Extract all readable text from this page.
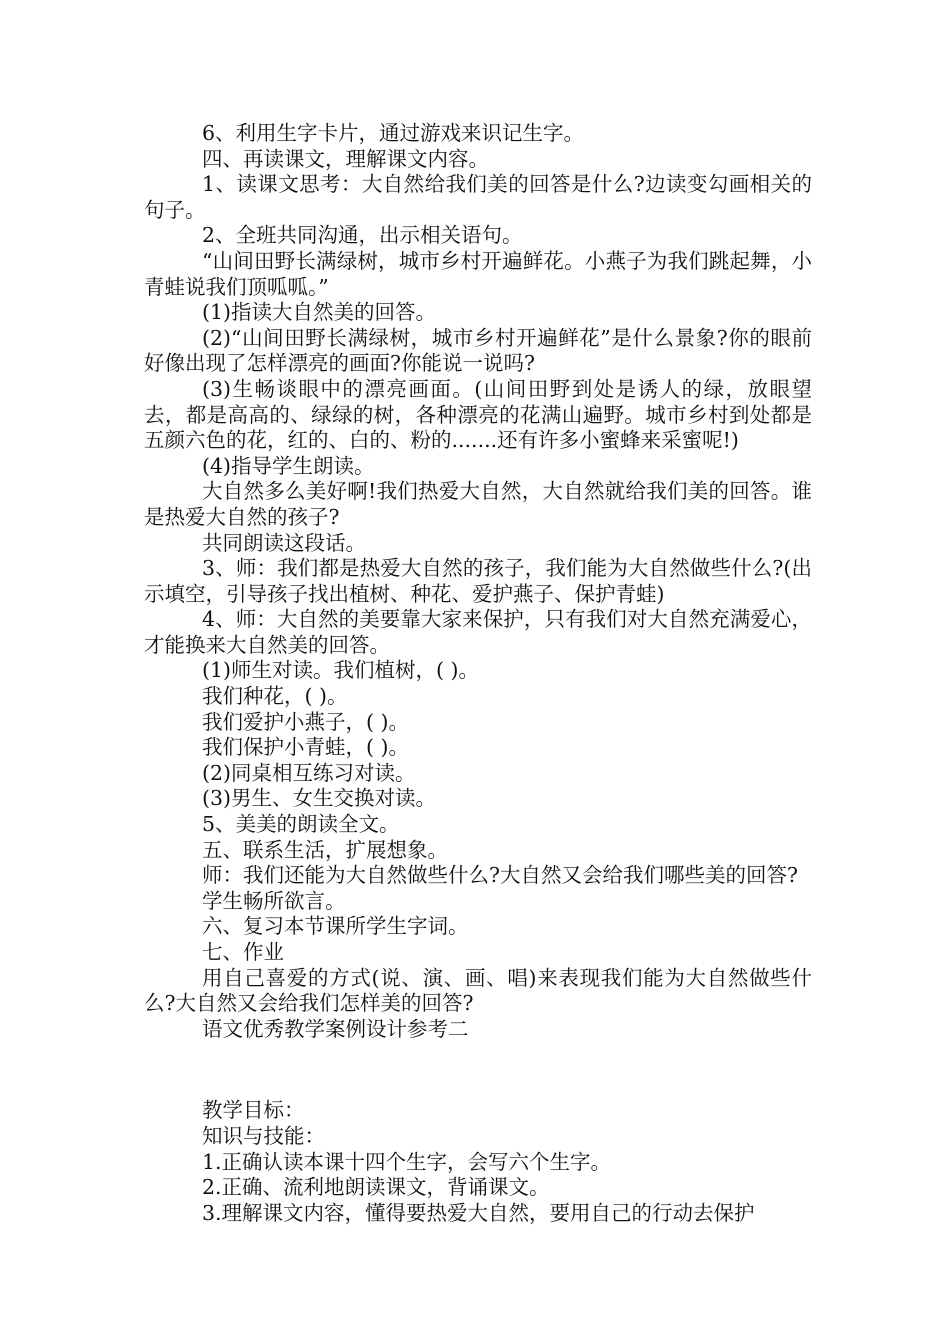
6、利用生字卡片，通过游戏来识记生字。

四、再读课文，理解课文内容。

1、读课文思考：大自然给我们美的回答是什么?边读变勾画相关的句子。

2、全班共同沟通，出示相关语句。

“山间田野长满绿树，城市乡村开遍鲜花。小燕子为我们跳起舞，小青蛙说我们顶呱呱。”

(1)指读大自然美的回答。

(2)“山间田野长满绿树，城市乡村开遍鲜花”是什么景象?你的眼前好像出现了怎样漂亮的画面?你能说一说吗?

(3)生畅谈眼中的漂亮画面。(山间田野到处是诱人的绿，放眼望去，都是高高的、绿绿的树，各种漂亮的花满山遍野。城市乡村到处都是五颜六色的花，红的、白的、粉的.......还有许多小蜜蜂来采蜜呢!)

(4)指导学生朗读。

大自然多么美好啊!我们热爱大自然，大自然就给我们美的回答。谁是热爱大自然的孩子?

共同朗读这段话。

3、师：我们都是热爱大自然的孩子，我们能为大自然做些什么?(出示填空，引导孩子找出植树、种花、爱护燕子、保护青蛙)

4、师：大自然的美要靠大家来保护，只有我们对大自然充满爱心，才能换来大自然美的回答。

(1)师生对读。我们植树，( )。

我们种花，( )。

我们爱护小燕子，( )。

我们保护小青蛙，( )。

(2)同桌相互练习对读。

(3)男生、女生交换对读。

5、美美的朗读全文。

五、联系生活，扩展想象。

师：我们还能为大自然做些什么?大自然又会给我们哪些美的回答?

学生畅所欲言。

六、复习本节课所学生字词。

七、作业

用自己喜爱的方式(说、演、画、唱)来表现我们能为大自然做些什么?大自然又会给我们怎样美的回答?

语文优秀教学案例设计参考二

教学目标：

知识与技能：

1.正确认读本课十四个生字，会写六个生字。

2.正确、流利地朗读课文，背诵课文。

3.理解课文内容，懂得要热爱大自然，要用自己的行动去保护
